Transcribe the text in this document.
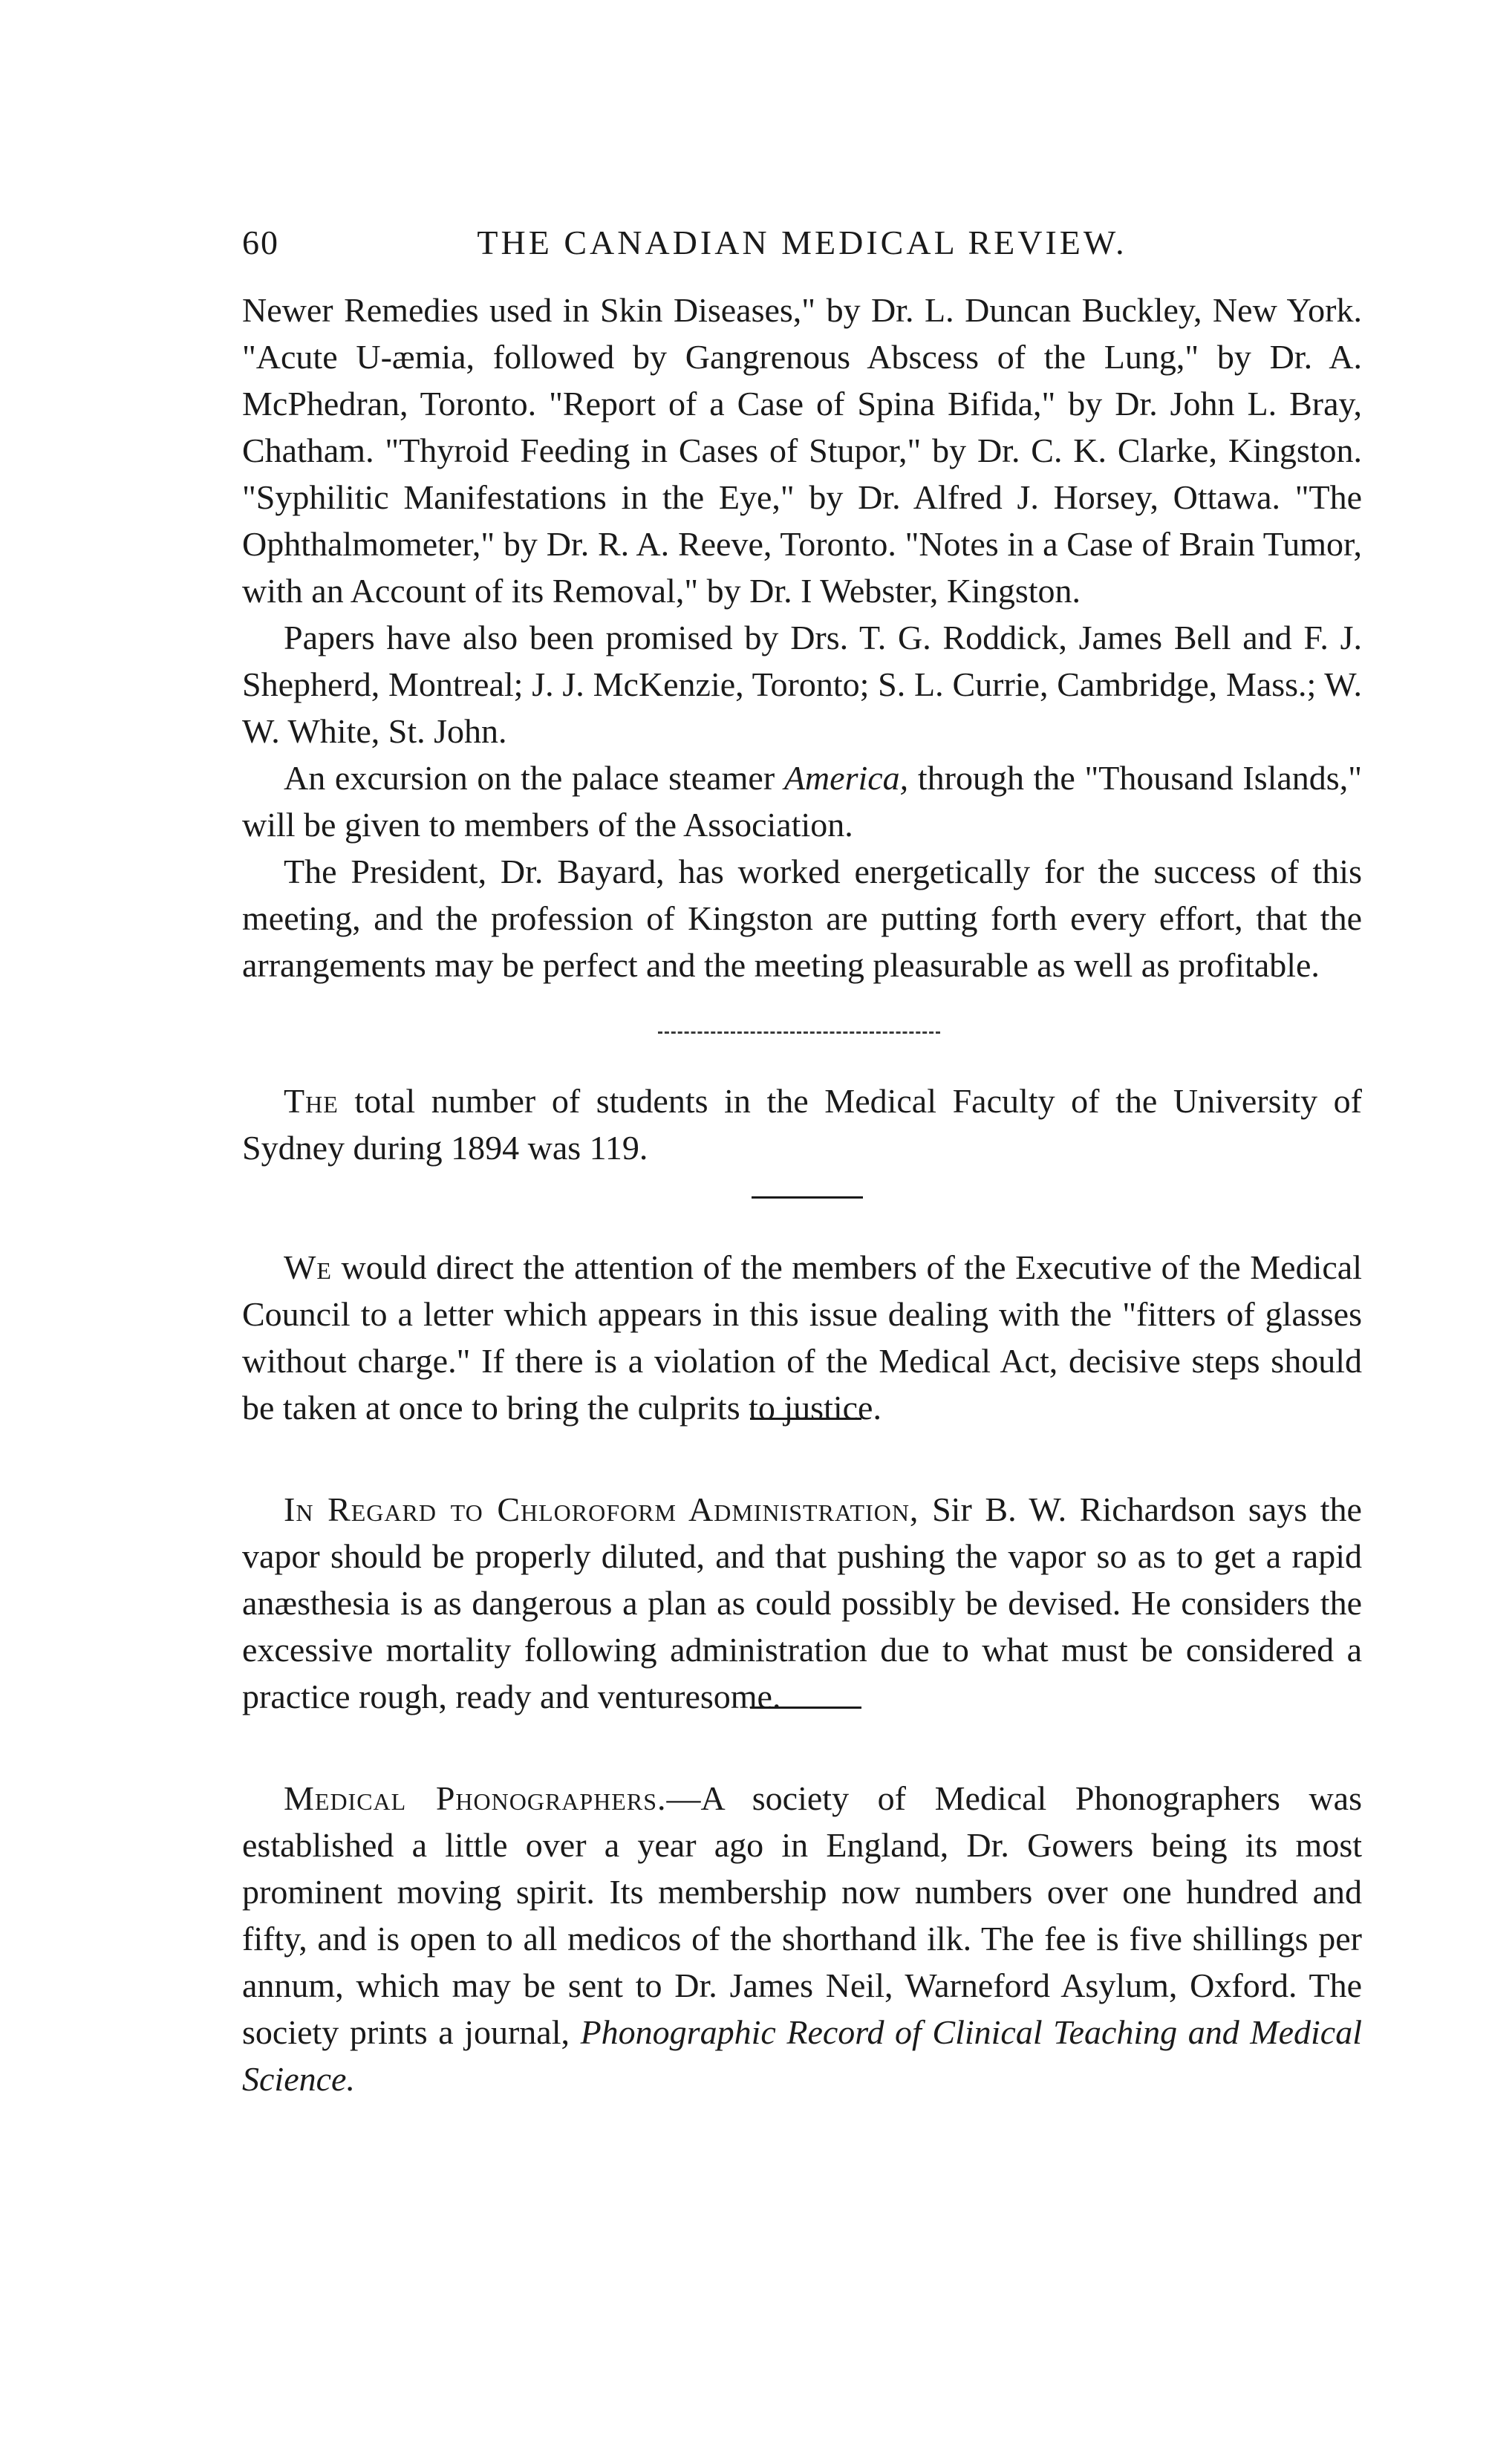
60	THE CANADIAN MEDICAL REVIEW.

Newer Remedies used in Skin Diseases," by Dr. L. Duncan Buckley, New York. "Acute U-æmia, followed by Gangrenous Abscess of the Lung," by Dr. A. McPhedran, Toronto. "Report of a Case of Spina Bifida," by Dr. John L. Bray, Chatham. "Thyroid Feeding in Cases of Stupor," by Dr. C. K. Clarke, Kingston. "Syphilitic Manifestations in the Eye," by Dr. Alfred J. Horsey, Ottawa. "The Ophthalmometer," by Dr. R. A. Reeve, Toronto. "Notes in a Case of Brain Tumor, with an Account of its Removal," by Dr. I Webster, Kingston.

Papers have also been promised by Drs. T. G. Roddick, James Bell and F. J. Shepherd, Montreal; J. J. McKenzie, Toronto; S. L. Currie, Cambridge, Mass.; W. W. White, St. John.

An excursion on the palace steamer America, through the "Thousand Islands," will be given to members of the Association.

The President, Dr. Bayard, has worked energetically for the success of this meeting, and the profession of Kingston are putting forth every effort, that the arrangements may be perfect and the meeting pleasurable as well as profitable.

The total number of students in the Medical Faculty of the University of Sydney during 1894 was 119.

We would direct the attention of the members of the Executive of the Medical Council to a letter which appears in this issue dealing with the "fitters of glasses without charge." If there is a violation of the Medical Act, decisive steps should be taken at once to bring the culprits to justice.

In Regard to Chloroform Administration, Sir B. W. Richardson says the vapor should be properly diluted, and that pushing the vapor so as to get a rapid anæsthesia is as dangerous a plan as could possibly be devised. He considers the excessive mortality following administration due to what must be considered a practice rough, ready and venturesome.

Medical Phonographers.—A society of Medical Phonographers was established a little over a year ago in England, Dr. Gowers being its most prominent moving spirit. Its membership now numbers over one hundred and fifty, and is open to all medicos of the shorthand ilk. The fee is five shillings per annum, which may be sent to Dr. James Neil, Warneford Asylum, Oxford. The society prints a journal, Phonographic Record of Clinical Teaching and Medical Science.
